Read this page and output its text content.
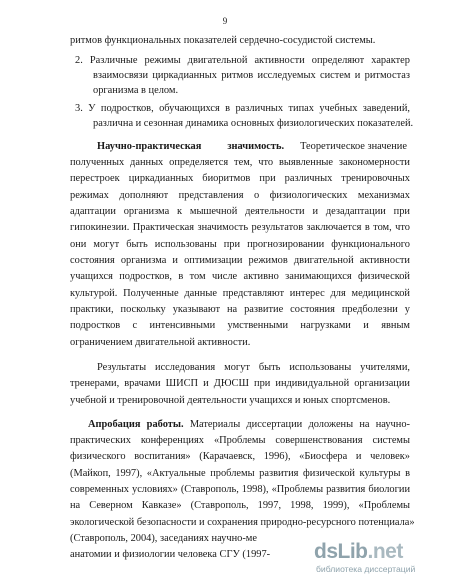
9
ритмов функциональных показателей сердечно-сосудистой системы.
2. Различные режимы двигательной активности определяют характер
взаимосвязи циркадианных ритмов исследуемых систем и ритмостаз
организма в целом.
3. У подростков, обучающихся в различных типах учебных заведений,
различна и сезонная динамика основных физиологических показателей.
Научно-практическая	значимость. Теоретическое значение
полученных данных определяется тем, что выявленные закономерности
перестроек циркадианных биоритмов при различных тренировочных
режимах дополняют представления о физиологических механизмах
адаптации организма к мышечной деятельности и дезадаптации при
гипокинезии. Практическая значимость результатов заключается в том, что
они могут быть использованы при прогнозировании функционального
состояния организма и оптимизации режимов двигательной активности
учащихся подростков, в том числе активно занимающихся физической
культурой. Полученные данные представляют интерес для медицинской
практики, поскольку указывают на развитие состояния предболезни у
подростков с интенсивными умственными нагрузками и явным
ограничением двигательной активности.
Результаты исследования могут быть использованы учителями,
тренерами, врачами ШИСП и ДЮСШ при индивидуальной организации
учебной и тренировочной деятельности учащихся и юных спортсменов.
Апробация работы. Материалы диссертации доложены на научно-
практических конференциях «Проблемы совершенствования системы
физического воспитания» (Карачаевск, 1996), «Биосфера и человек»
(Майкоп, 1997), «Актуальные проблемы развития физической культуры в
современных условиях» (Ставрополь, 1998), «Проблемы развития биологии
на Северном Кавказе» (Ставрополь, 1997, 1998, 1999), «Проблемы
экологической безопасности и сохранения природно-ресурсного потенциала»
(Ставрополь, 2004), заседаниях научно-ме
анатомии и физиологии человека СГУ (1997-	dsLib.net
библиотека диссертаций
